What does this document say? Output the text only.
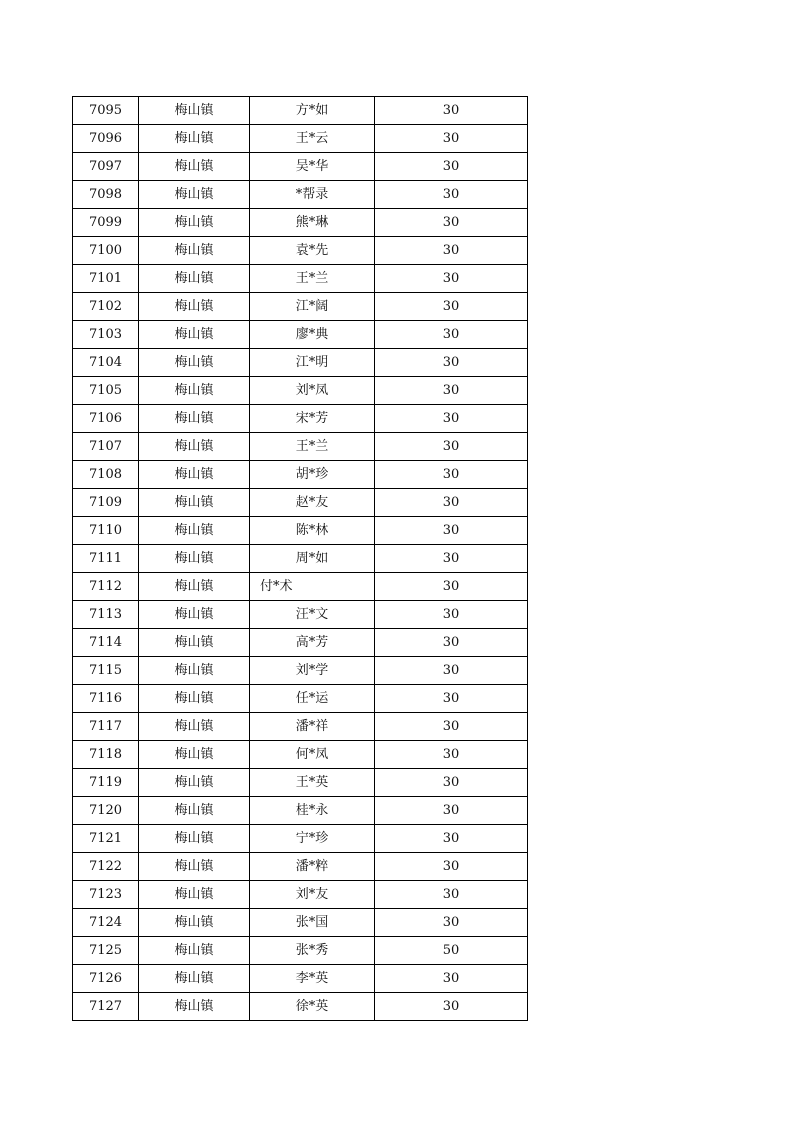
7095	梅山镇	方*如	30
7096	梅山镇	王*云	30
7097	梅山镇	吴*华	30
7098	梅山镇	*帮录	30
7099	梅山镇	熊*琳	30
7100	梅山镇	袁*先	30
7101	梅山镇	王*兰	30
7102	梅山镇	江*阔	30
7103	梅山镇	廖*典	30
7104	梅山镇	江*明	30
7105	梅山镇	刘*凤	30
7106	梅山镇	宋*芳	30
7107	梅山镇	王*兰	30
7108	梅山镇	胡*珍	30
7109	梅山镇	赵*友	30
7110	梅山镇	陈*林	30
7111	梅山镇	周*如	30
7112	梅山镇	付*术	30
7113	梅山镇	汪*文	30
7114	梅山镇	高*芳	30
7115	梅山镇	刘*学	30
7116	梅山镇	任*运	30
7117	梅山镇	潘*祥	30
7118	梅山镇	何*凤	30
7119	梅山镇	王*英	30
7120	梅山镇	桂*永	30
7121	梅山镇	宁*珍	30
7122	梅山镇	潘*粹	30
7123	梅山镇	刘*友	30
7124	梅山镇	张*国	30
7125	梅山镇	张*秀	50
7126	梅山镇	李*英	30
7127	梅山镇	徐*英	30
